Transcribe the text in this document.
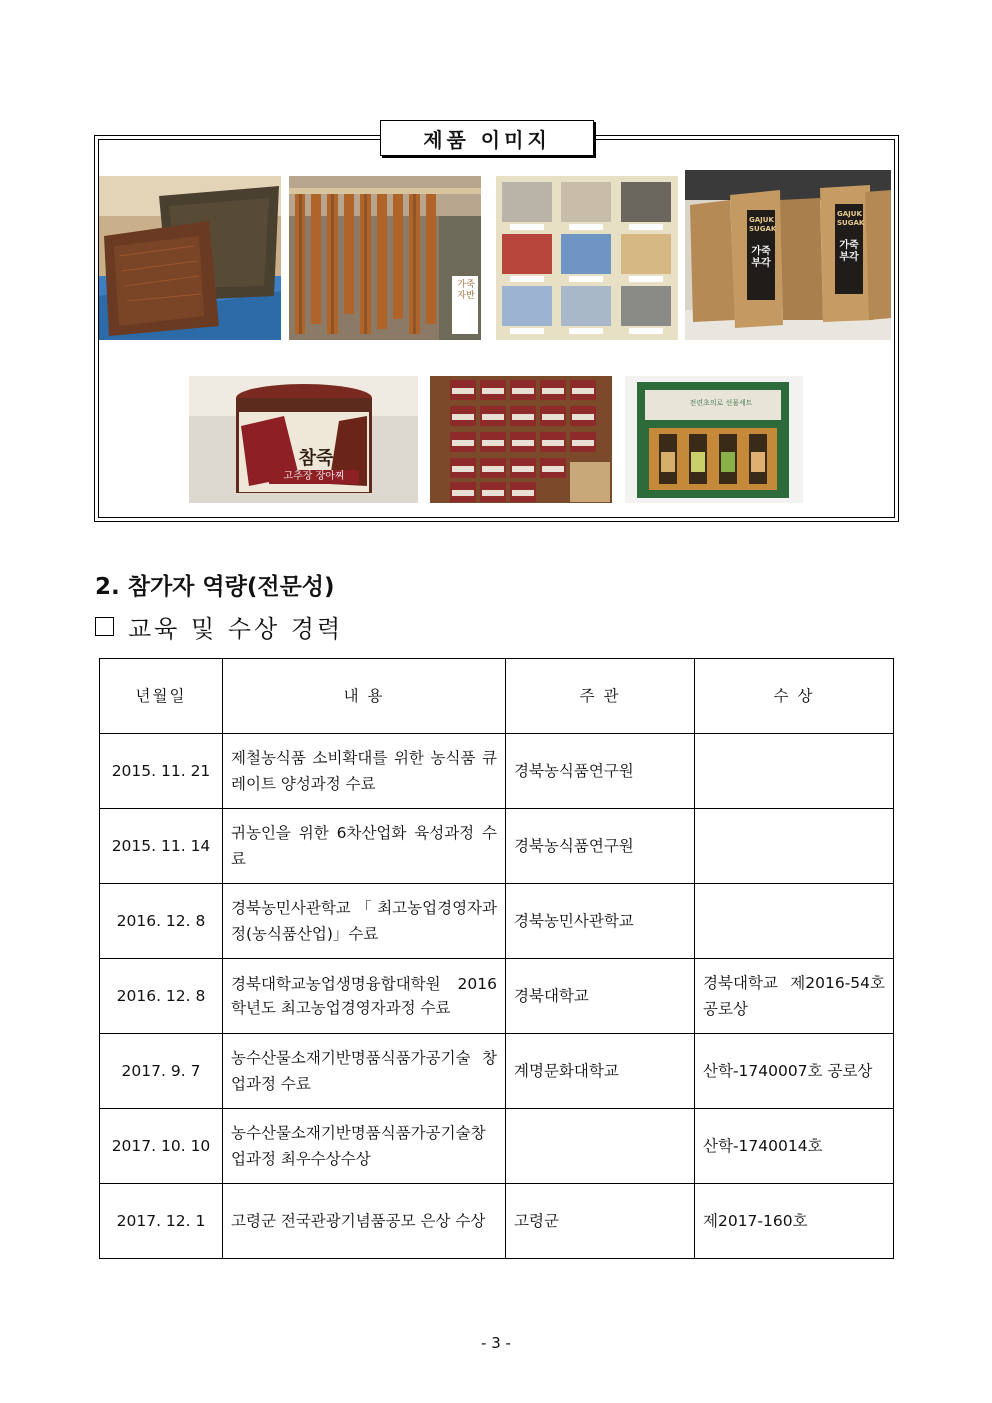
제품 이미지
가죽자반
GAJUK SUGAK
GAJUK SUGAK
가죽부각
가죽부각
참죽
고추장 장아찌
전련초의로 선물세트
2. 참가자 역량(전문성)
교육 및 수상 경력
년월일	내 용	주 관	수 상
2015. 11. 21	제철농식품 소비확대를 위한 농식품 큐레이트 양성과정 수료	경북농식품연구원	
2015. 11. 14	귀농인을 위한 6차산업화 육성과정 수료	경북농식품연구원	
2016. 12. 8	경북농민사관학교「최고농업경영자과정(농식품산업)」수료	경북농민사관학교	
2016. 12. 8	경북대학교농업생명융합대학원 2016학년도 최고농업경영자과정 수료	경북대학교	경북대학교 제2016-54호 공로상
2017. 9. 7	농수산물소재기반명품식품가공기술 창업과정 수료	계명문화대학교	산학-1740007호 공로상
2017. 10. 10	농수산물소재기반명품식품가공기술창업과정 최우수상수상		산학-1740014호
2017. 12. 1	고령군 전국관광기념품공모 은상 수상	고령군	제2017-160호
- 3 -
